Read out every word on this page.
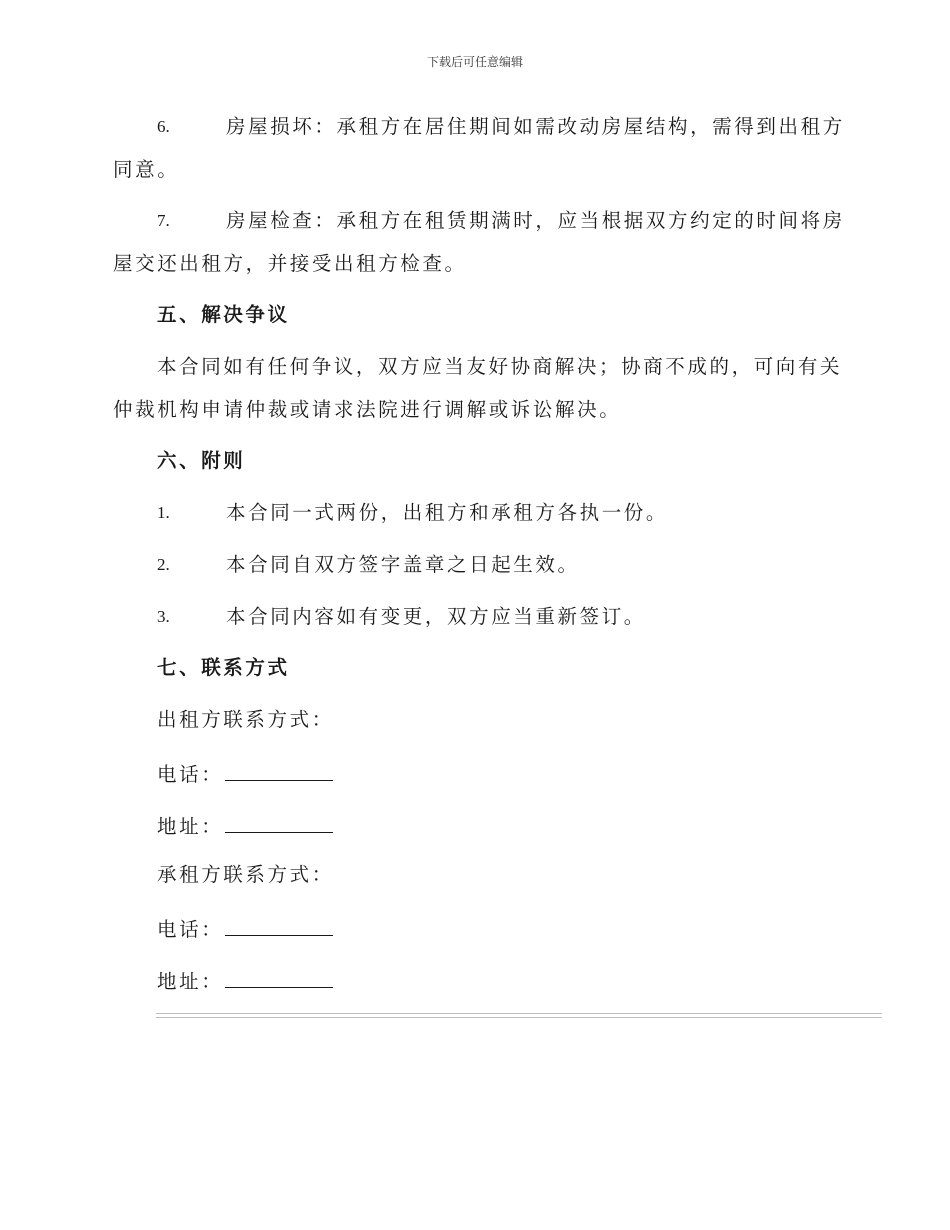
下载后可任意编辑
6.	房屋损坏：承租方在居住期间如需改动房屋结构，需得到出租方
同意。
7.	房屋检查：承租方在租赁期满时，应当根据双方约定的时间将房
屋交还出租方，并接受出租方检查。
五、解决争议
本合同如有任何争议，双方应当友好协商解决；协商不成的，可向有关
仲裁机构申请仲裁或请求法院进行调解或诉讼解决。
六、附则
1.	本合同一式两份，出租方和承租方各执一份。
2.	本合同自双方签字盖章之日起生效。
3.	本合同内容如有变更，双方应当重新签订。
七、联系方式
出租方联系方式：
电话：
地址：
承租方联系方式：
电话：
地址：
